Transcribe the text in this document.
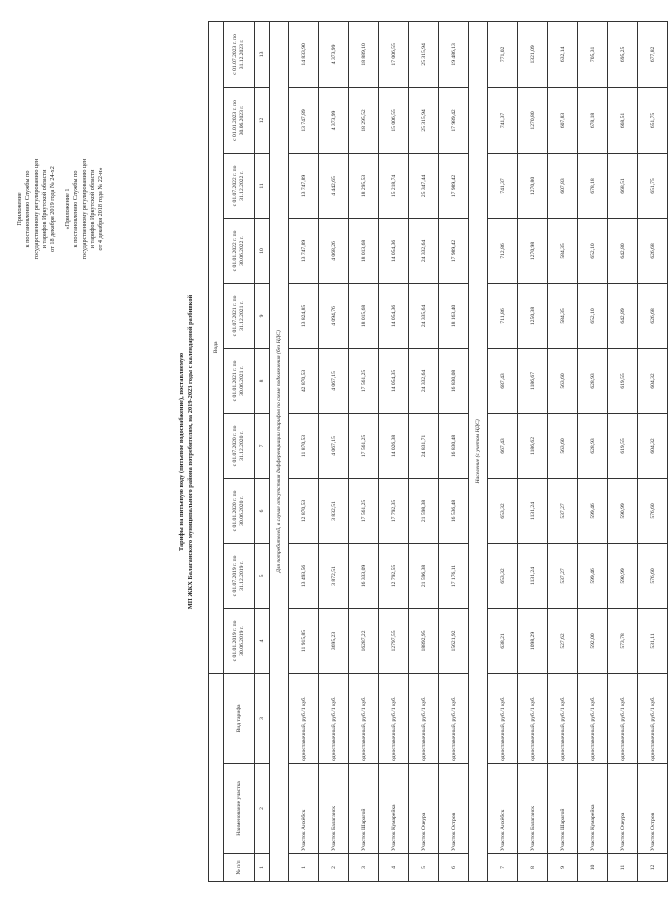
Приложение к постановлению Службы по государственному регулированию цен и тарифов Иркутской области от 18 декабря 2019 года № 24-х2 «Приложение 1 к постановлению Службы по государственному регулированию цен и тарифов Иркутской области от 4 декабря 2018 года № 22-н»
Тарифы на питьевую воду (питьевое водоснабжение), поставляемую МП ЖКХ Балаганского муниципального района потребителям, на 2019-2023 годы с календарной разбивкой
			Вода									
№ п/п	Наименование участка	Вид тарифа	с 01.01.2019 г. по 30.06.2019 г.	с 01.07.2019 г. по 31.12.2019 г.	с 01.01.2020 г. по 30.06.2020 г.	с 01.07.2020 г. по 31.12.2020 г.	с 01.01.2021 г. по 30.06.2021 г.	с 01.07.2021 г. по 31.12.2021 г.	с 01.01.2022 г. по 30.06.2022 г.	с 01.07.2022 г. по 31.12.2022 г.	с 01.01.2023 г. по 30.06.2023 г.	с 01.07.2023 г. по 31.12.2023 г.
1	2	3	4	5	6	7	8	9	10	11	12	13
Для потребителей, в случае отсутствия дифференциации тарифов по схеме подключения (без НДС)												
1	Участок Анхёбск	одноставочный, руб./1 куб.	11 915,85	13 493,56	12 870,53	11 870,53	42 870,53	13 824,85	13 747,89	13 747,89	13 747,89	14 833,90
2	Участок Балаганск	одноставочный, руб./1 куб.	3695,23	3 872,51	3 832,51	4 067,15	4 067,15	4 094,76	4 068,26	4 442,65	4 373,99	4 373,99
3	Участок Шарагой	одноставочный, руб./1 куб.	16287,22	16 333,09	17 561,25	17 561,25	17 561,25	18 015,68	18 013,68	18 295,53	18 295,52	18 889,10
4	Участок Кумарейка	одноставочный, руб./1 куб.	12797,55	12 792,55	17 792,35	14 026,38	14 054,35	14 054,36	14 054,36	15 218,74	15 006,55	17 006,55
5	Участок Очеура	одноставочный, руб./1 куб.	18892,95	21 596,38	21 598,38	24 831,71	24 332,64	24 335,64	24 332,64	25 347,44	25 315,94	25 315,94
6	Участок Остров	одноставочный, руб./1 куб.	15621,92	17 176,11	16 536,48	16 830,48	16 830,08	18 163,40	17 989,42	17 989,42	17 989,42	19 486,13
Население (с учетом НДС)												
7	Участок Анхёбск	одноставочный, руб./1 куб.	638,21	653,32	653,32	667,43	687,43	711,86	712,86	741,37	741,37	771,02
8	Участок Балаганск	одноставочный, руб./1 куб.	1098,29	1131,24	1131,24	1186,62	1186,67	1250,38	1270,98	1270,80	1270,80	1321,09
9	Участок Шарагой	одноставочный, руб./1 куб.	527,62	537,27	537,27	563,60	563,60	584,35	584,35	607,83	607,83	632,14
10	Участок Кумарейка	одноставочный, руб./1 куб.	592,00	599,46	599,46	628,93	628,93	652,10	652,10	678,18	678,18	705,31
11	Участок Очеура	одноставочный, руб./1 куб.	573,78	590,99	590,99	619,55	619,55	642,89	642,80	668,51	668,51	695,25
12	Участок Остров	одноставочный, руб./1 куб.	531,11	576,60	576,60	604,32	604,32	626,68	626,68	651,75	651,75	677,82
